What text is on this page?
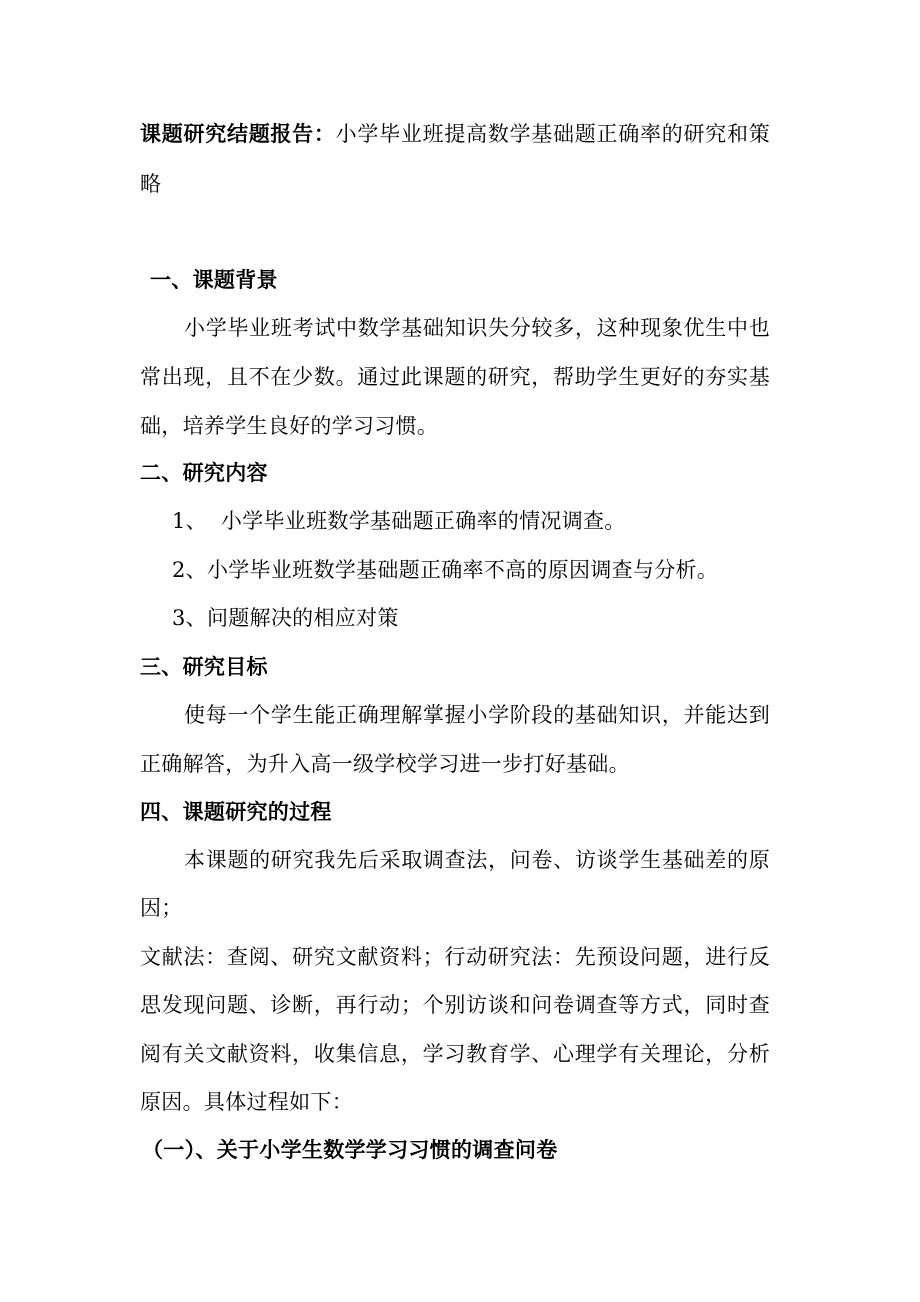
课题研究结题报告：小学毕业班提高数学基础题正确率的研究和策
略
一、课题背景
小学毕业班考试中数学基础知识失分较多，这种现象优生中也
常出现，且不在少数。通过此课题的研究，帮助学生更好的夯实基
础，培养学生良好的学习习惯。
二、研究内容
1、  小学毕业班数学基础题正确率的情况调查。
2、小学毕业班数学基础题正确率不高的原因调查与分析。
3、问题解决的相应对策
三、研究目标
使每一个学生能正确理解掌握小学阶段的基础知识，并能达到
正确解答，为升入高一级学校学习进一步打好基础。
四、课题研究的过程
本课题的研究我先后采取调查法，问卷、访谈学生基础差的原
因；
文献法：查阅、研究文献资料；行动研究法：先预设问题，进行反
思发现问题、诊断，再行动；个别访谈和问卷调查等方式，同时查
阅有关文献资料，收集信息，学习教育学、心理学有关理论，分析
原因。具体过程如下：
（一）、关于小学生数学学习习惯的调查问卷
